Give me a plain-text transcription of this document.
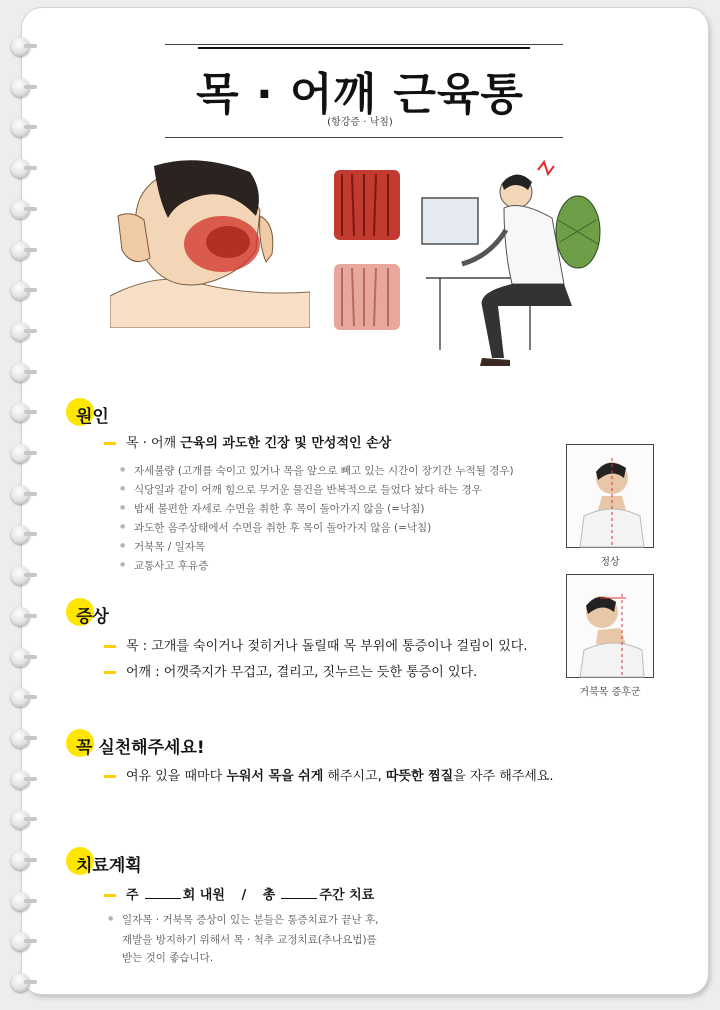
목 · 어깨 근육통
(항강증 · 낙침)
원인
목 · 어깨 근육의 과도한 긴장 및 만성적인 손상
● 자세불량 (고개를 숙이고 있거나 목을 앞으로 빼고 있는 시간이 장기간 누적될 경우)
● 식당일과 같이 어깨 힘으로 무거운 물건을 반복적으로 들었다 놨다 하는 경우
● 밤새 불편한 자세로 수면을 취한 후 목이 돌아가지 않음 (=낙침)
● 과도한 음주상태에서 수면을 취한 후 목이 돌아가지 않음 (=낙침)
● 거북목 / 일자목
● 교통사고 후유증	정상
거북목 증후군
증상
목 : 고개를 숙이거나 젖히거나 돌릴때 목 부위에 통증이나 걸림이 있다.
어깨 : 어깻죽지가 무겁고, 결리고, 짓누르는 듯한 통증이 있다.
꼭 실천해주세요!
여유 있을 때마다 누워서 목을 쉬게 해주시고, 따뜻한 찜질을 자주 해주세요.
치료계획
주	회 내원 / 총	주간 치료
● 일자목 · 거북목 증상이 있는 분들은 통증치료가 끝난 후,
재발을 방지하기 위해서 목 · 척추 교정치료(추나요법)를
받는 것이 좋습니다.
